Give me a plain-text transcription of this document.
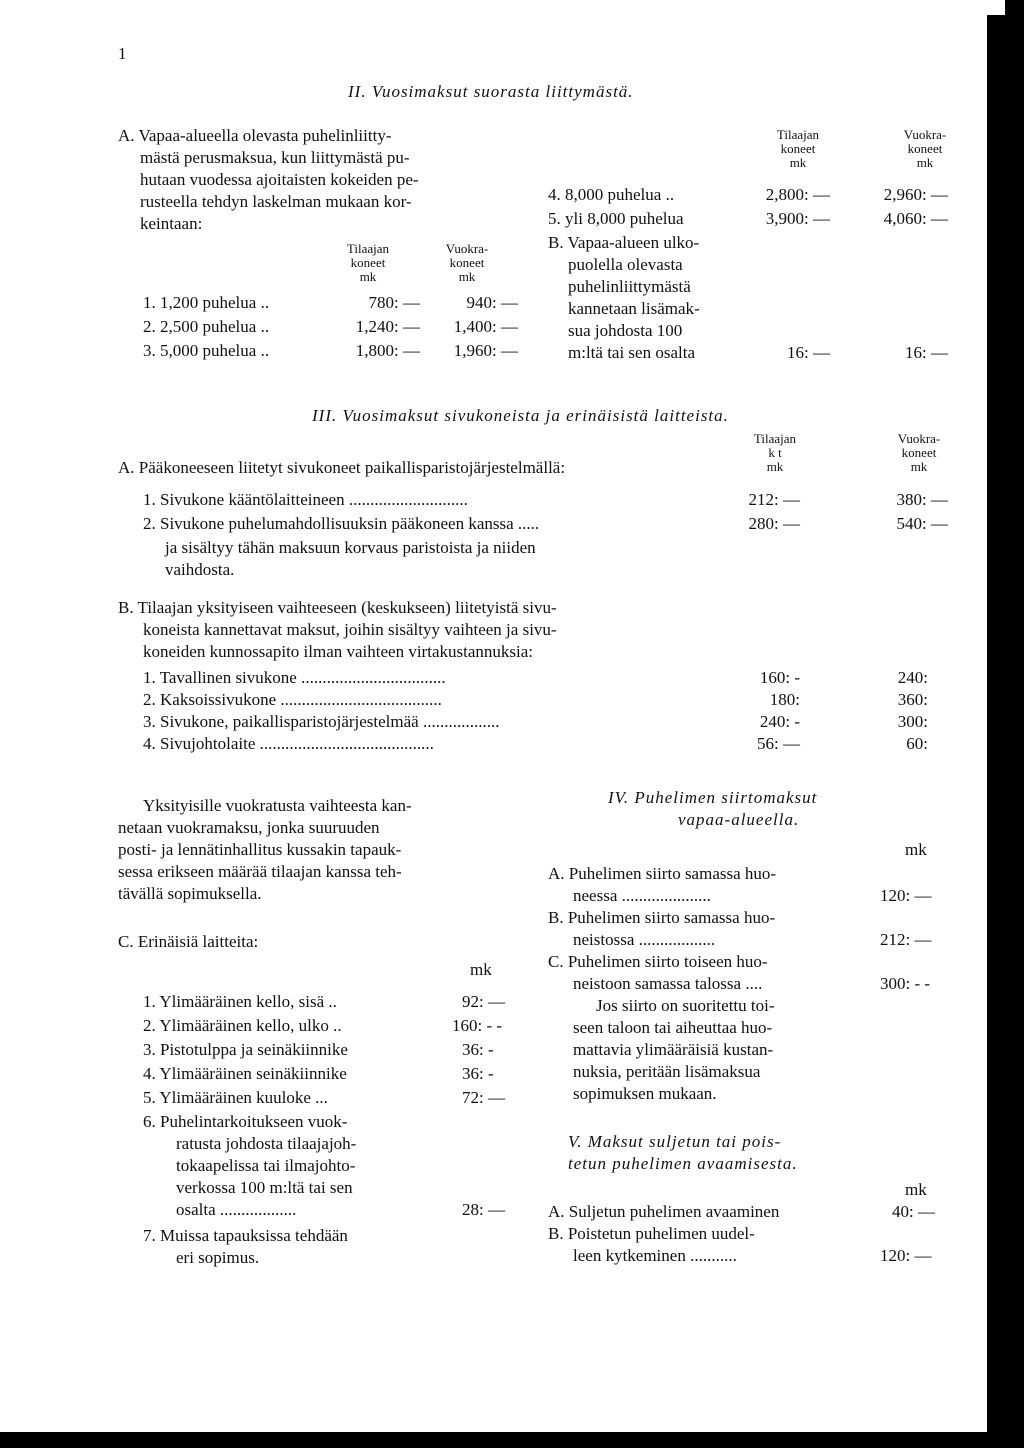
1
II. Vuosimaksut suorasta liittymästä.
A. Vapaa-alueella olevasta puhelinliitty-
mästä perusmaksua, kun liittymästä pu-
hutaan vuodessa ajoitaisten kokeiden pe-
rusteella tehdyn laskelman mukaan kor-
keintaan:
Tilaajan
koneet
mk
Vuokra-
koneet
mk
1. 1,200 puhelua ..	780: —	940: —
2. 2,500 puhelua ..	1,240: —	1,400: —
3. 5,000 puhelua ..	1,800: —	1,960: —
Tilaajan
koneet
mk
Vuokra-
koneet
mk
4. 8,000 puhelua ..	2,800: —	2,960: —
5. yli 8,000 puhelua	3,900: —	4,060: —
B. Vapaa-alueen ulko-
puolella olevasta
puhelinliittymästä
kannetaan lisämak-
sua johdosta 100
m:ltä tai sen osalta	16: —	16: —
III. Vuosimaksut sivukoneista ja erinäisistä laitteista.
A. Pääkoneeseen liitetyt sivukoneet paikallisparistojärjestelmällä:
Tilaajan
k t
mk
Vuokra-
koneet
mk
1. Sivukone kääntölaitteineen ............................	212: —	380: —
2. Sivukone puhelumahdollisuuksin pääkoneen kanssa .....	280: —	540: —
ja sisältyy tähän maksuun korvaus paristoista ja niiden
vaihdosta.
B. Tilaajan yksityiseen vaihteeseen (keskukseen) liitetyistä sivu-
koneista kannettavat maksut, joihin sisältyy vaihteen ja sivu-
koneiden kunnossapito ilman vaihteen virtakustannuksia:
1. Tavallinen sivukone ..................................	160: -	240:
2. Kaksoissivukone ......................................	180:	360:
3. Sivukone, paikallisparistojärjestelmää ..................	240: -	300:
4. Sivujohtolaite .........................................	56: —	60:
Yksityisille vuokratusta vaihteesta kan-
netaan vuokramaksu, jonka suuruuden
posti- ja lennätinhallitus kussakin tapauk-
sessa erikseen määrää tilaajan kanssa teh-
tävällä sopimuksella.
C. Erinäisiä laitteita:
mk
1. Ylimääräinen kello, sisä ..	92: —
2. Ylimääräinen kello, ulko ..	160: - -
3. Pistotulppa ja seinäkiinnike	36: -
4. Ylimääräinen seinäkiinnike	36: -
5. Ylimääräinen kuuloke ...	72: —
6. Puhelintarkoitukseen vuok-
ratusta johdosta tilaajajoh-
tokaapelissa tai ilmajohto-
verkossa 100 m:ltä tai sen
osalta ..................	28: —
7. Muissa tapauksissa tehdään
eri sopimus.
IV. Puhelimen siirtomaksut
vapaa-alueella.
mk
A. Puhelimen siirto samassa huo-
neessa .....................	120: —
B. Puhelimen siirto samassa huo-
neistossa ..................	212: —
C. Puhelimen siirto toiseen huo-
neistoon samassa talossa ....	300: - -
Jos siirto on suoritettu toi-
seen taloon tai aiheuttaa huo-
mattavia ylimääräisiä kustan-
nuksia, peritään lisämaksua
sopimuksen mukaan.
V. Maksut suljetun tai pois-
tetun puhelimen avaamisesta.
mk
A. Suljetun puhelimen avaaminen	40: —
B. Poistetun puhelimen uudel-
leen kytkeminen ...........	120: —
